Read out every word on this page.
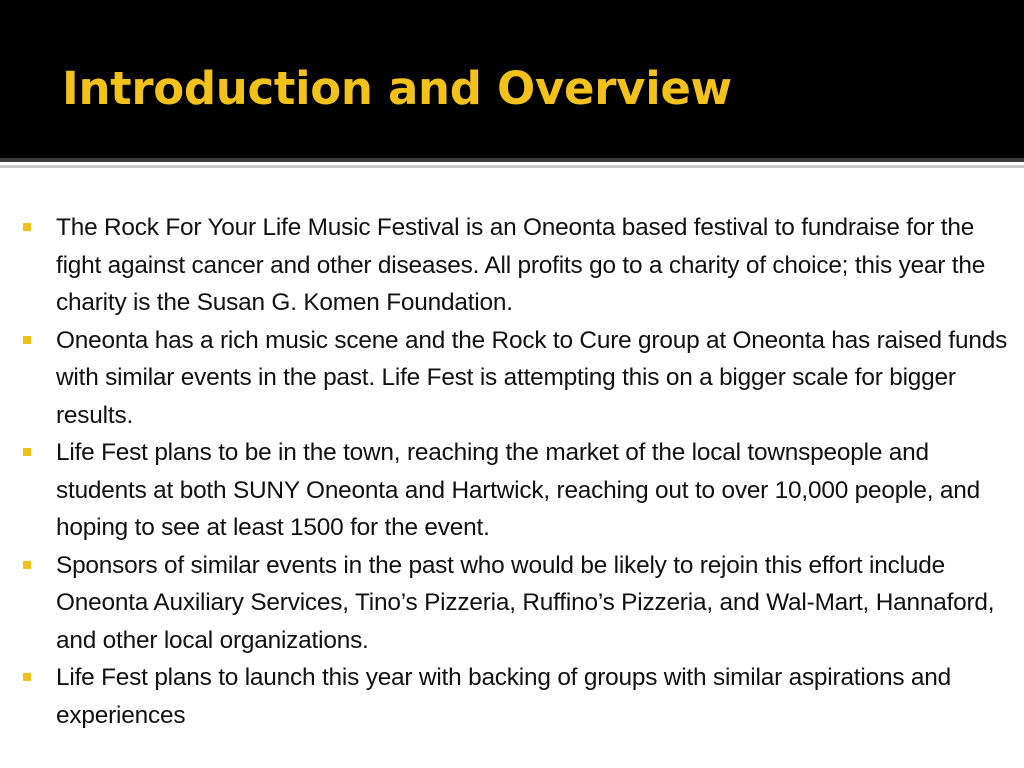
Introduction and Overview
The Rock For Your Life Music Festival is an Oneonta based festival to fundraise for the fight against cancer and other diseases. All profits go to a charity of choice; this year the charity is the Susan G. Komen Foundation.
Oneonta has a rich music scene and the Rock to Cure group at Oneonta has raised funds with similar events in the past. Life Fest is attempting this on a bigger scale for bigger results.
Life Fest plans to be in the town, reaching the market of the local townspeople and students at both SUNY Oneonta and Hartwick, reaching out to over 10,000 people, and hoping to see at least 1500 for the event.
Sponsors of similar events in the past who would be likely to rejoin this effort include Oneonta Auxiliary Services, Tino’s Pizzeria, Ruffino’s Pizzeria, and Wal-Mart, Hannaford, and other local organizations.
Life Fest plans to launch this year with backing of groups with similar aspirations and experiences
